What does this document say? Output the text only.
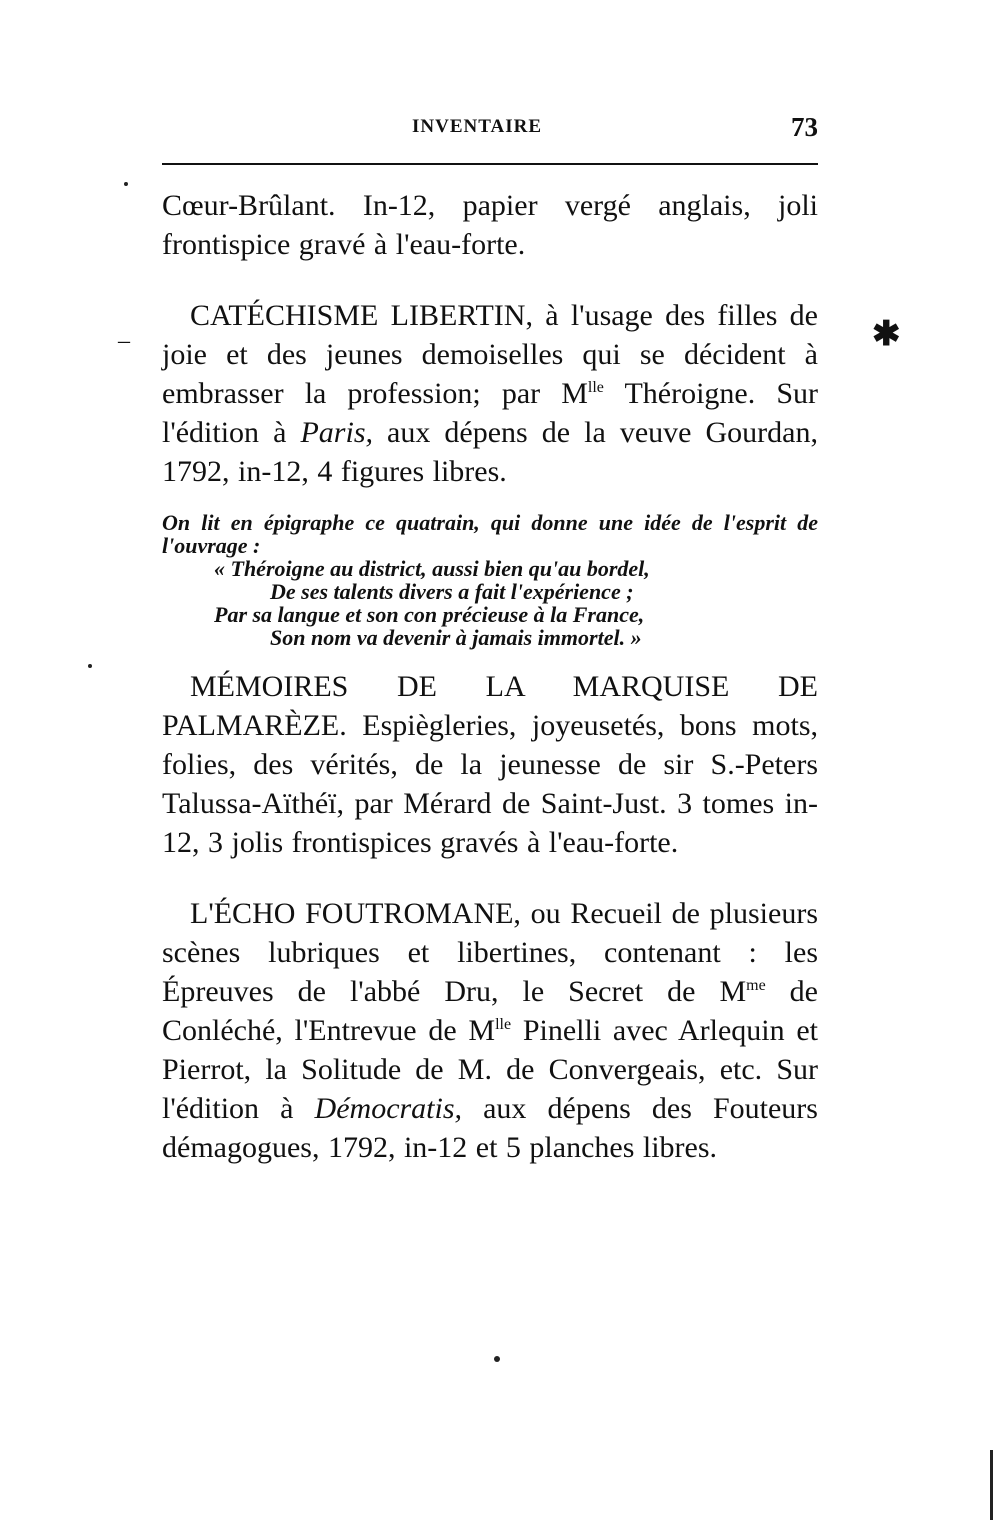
INVENTAIRE	73
✱
–

Cœur-Brûlant. In-12, papier vergé anglais, joli frontispice gravé à l'eau-forte.

CATÉCHISME LIBERTIN, à l'usage des filles de joie et des jeunes demoiselles qui se décident à embrasser la profession; par $M^{lle}$ Théroigne. Sur l'édition à Paris, aux dépens de la veuve Gourdan, 1792, in-12, 4 figures libres.

On lit en épigraphe ce quatrain, qui donne une idée de l'esprit de l'ouvrage :

« Théroigne au district, aussi bien qu'au bordel,

De ses talents divers a fait l'expérience ;

Par sa langue et son con précieuse à la France,

Son nom va devenir à jamais immortel. »

MÉMOIRES DE LA MARQUISE DE PALMARÈZE. Espiègleries, joyeusetés, bons mots, folies, des vérités, de la jeunesse de sir S.-Peters Talussa-Aïthéï, par Mérard de Saint-Just. 3 tomes in-12, 3 jolis frontispices gravés à l'eau-forte.

L'ÉCHO FOUTROMANE, ou Recueil de plusieurs scènes lubriques et libertines, contenant : les Épreuves de l'abbé Dru, le Secret de $M^{me}$ de Conléché, l'Entrevue de $M^{lle}$ Pinelli avec Arlequin et Pierrot, la Solitude de M. de Convergeais, etc. Sur l'édition à Démocratis, aux dépens des Fouteurs démagogues, 1792, in-12 et 5 planches libres.
